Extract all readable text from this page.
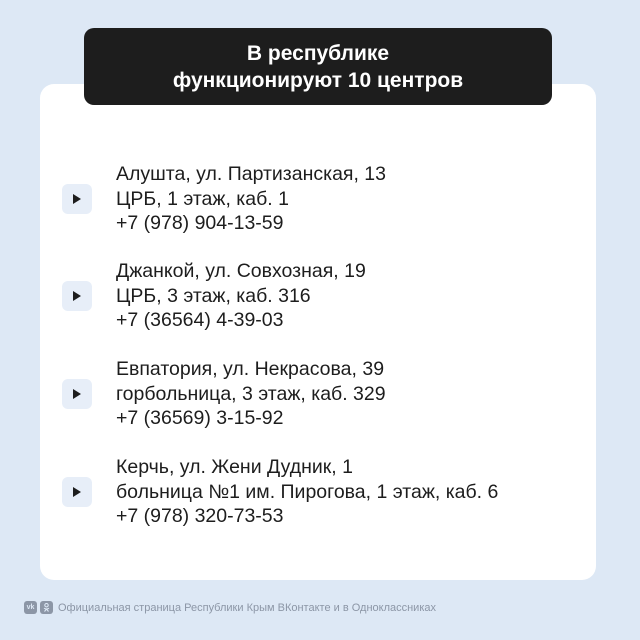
В республике
функционируют 10 центров
Алушта, ул. Партизанская, 13
ЦРБ, 1 этаж, каб. 1
+7 (978) 904-13-59
Джанкой, ул. Совхозная, 19
ЦРБ, 3 этаж, каб. 316
+7 (36564) 4-39-03
Евпатория, ул. Некрасова, 39
горбольница, 3 этаж, каб. 329
+7 (36569) 3-15-92
Керчь, ул. Жени Дудник, 1
больница №1 им. Пирогова, 1 этаж, каб. 6
+7 (978) 320-73-53
vk Официальная страница Республики Крым ВКонтакте и в Одноклассниках
